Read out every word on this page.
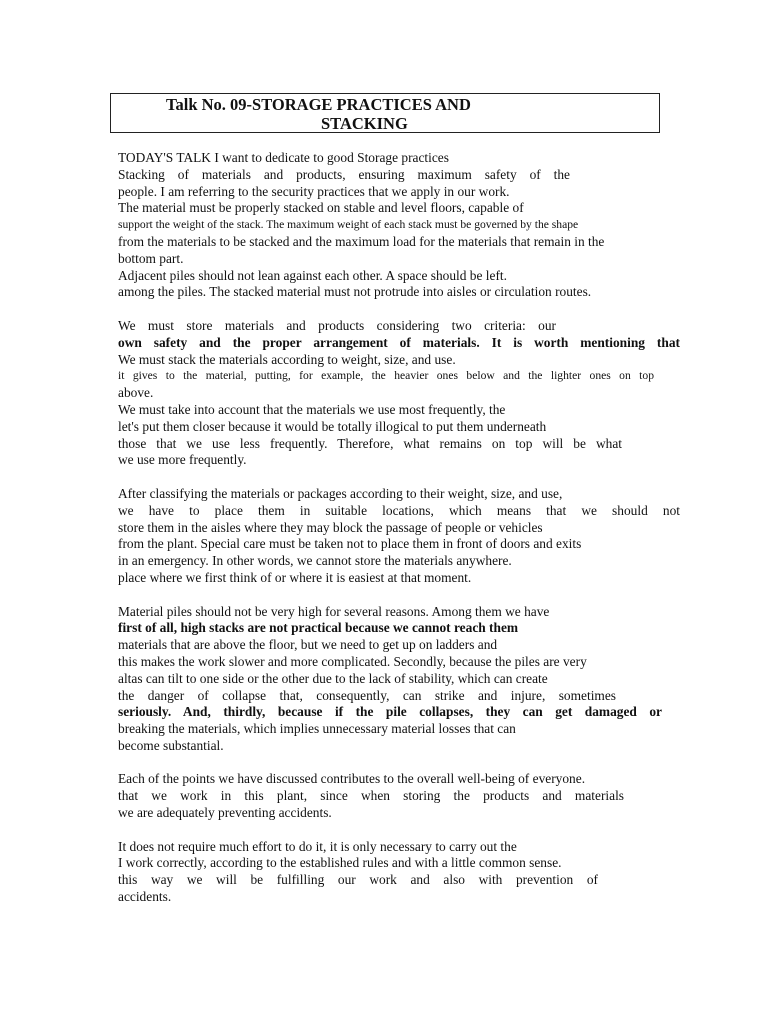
Talk No. 09-STORAGE PRACTICES AND
STACKING
TODAY'S TALK I want to dedicate to good Storage practices
Stacking of materials and products, ensuring maximum safety of the
people. I am referring to the security practices that we apply in our work.
The material must be properly stacked on stable and level floors, capable of
support the weight of the stack. The maximum weight of each stack must be governed by the shape
from the materials to be stacked and the maximum load for the materials that remain in the
bottom part.
Adjacent piles should not lean against each other. A space should be left.
among the piles. The stacked material must not protrude into aisles or circulation routes.
We must store materials and products considering two criteria: our
own safety and the proper arrangement of materials. It is worth mentioning that
We must stack the materials according to weight, size, and use.
it gives to the material, putting, for example, the heavier ones below and the lighter ones on top
above.
We must take into account that the materials we use most frequently, the
let's put them closer because it would be totally illogical to put them underneath
those that we use less frequently. Therefore, what remains on top will be what
we use more frequently.
After classifying the materials or packages according to their weight, size, and use,
we have to place them in suitable locations, which means that we should not
store them in the aisles where they may block the passage of people or vehicles
from the plant. Special care must be taken not to place them in front of doors and exits
in an emergency. In other words, we cannot store the materials anywhere.
place where we first think of or where it is easiest at that moment.
Material piles should not be very high for several reasons. Among them we have
first of all, high stacks are not practical because we cannot reach them
materials that are above the floor, but we need to get up on ladders and
this makes the work slower and more complicated. Secondly, because the piles are very
altas can tilt to one side or the other due to the lack of stability, which can create
the danger of collapse that, consequently, can strike and injure, sometimes
seriously. And, thirdly, because if the pile collapses, they can get damaged or
breaking the materials, which implies unnecessary material losses that can
become substantial.
Each of the points we have discussed contributes to the overall well-being of everyone.
that we work in this plant, since when storing the products and materials
we are adequately preventing accidents.
It does not require much effort to do it, it is only necessary to carry out the
I work correctly, according to the established rules and with a little common sense.
this way we will be fulfilling our work and also with prevention of
accidents.
